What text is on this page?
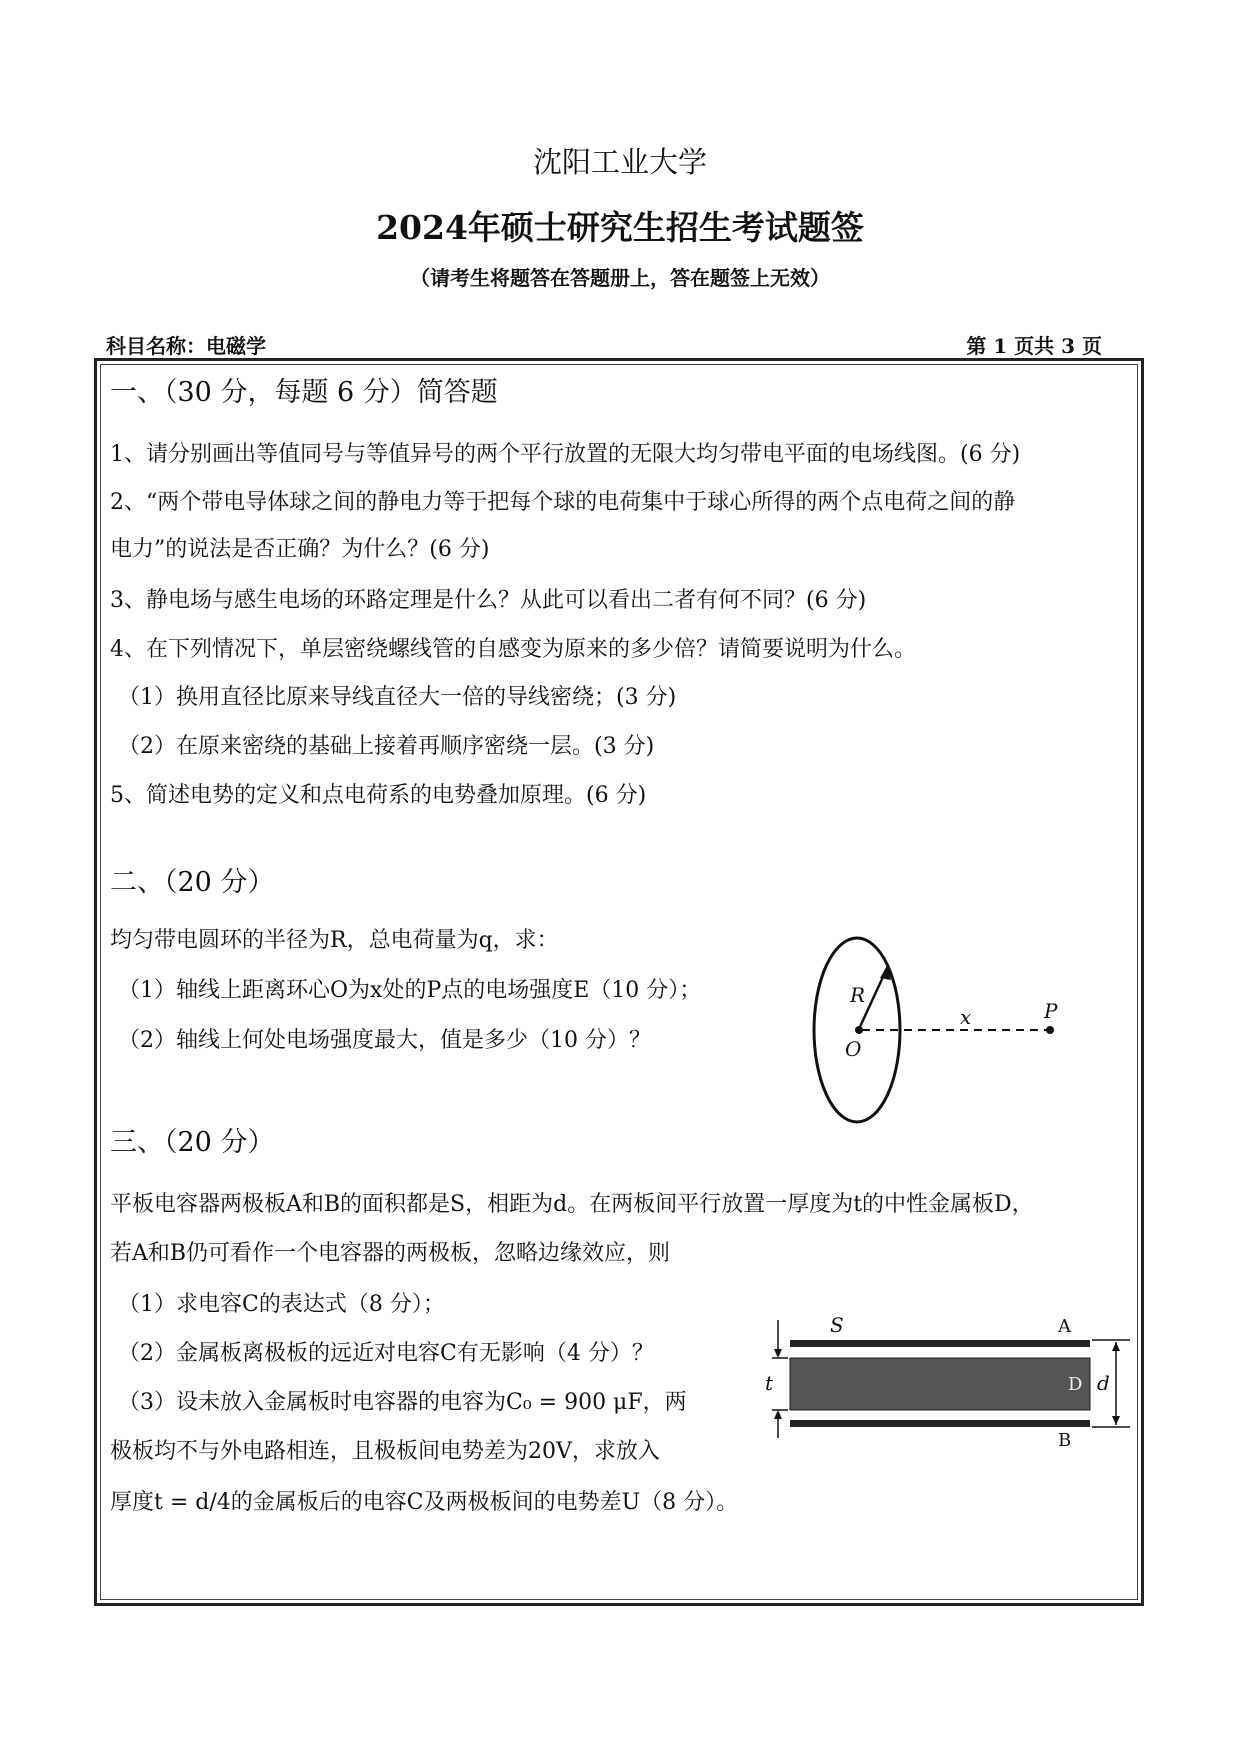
沈阳工业大学
2024年硕士研究生招生考试题签
（请考生将题答在答题册上，答在题签上无效）
科目名称：电磁学	第 1 页共 3 页
一、（30 分，每题 6 分）简答题
1、请分别画出等值同号与等值异号的两个平行放置的无限大均匀带电平面的电场线图。(6 分)
2、“两个带电导体球之间的静电力等于把每个球的电荷集中于球心所得的两个点电荷之间的静
电力”的说法是否正确？为什么？(6 分)
3、静电场与感生电场的环路定理是什么？从此可以看出二者有何不同？(6 分)
4、在下列情况下，单层密绕螺线管的自感变为原来的多少倍？请简要说明为什么。
（1）换用直径比原来导线直径大一倍的导线密绕；(3 分)
（2）在原来密绕的基础上接着再顺序密绕一层。(3 分)
5、简述电势的定义和点电荷系的电势叠加原理。(6 分)
二、（20 分）
均匀带电圆环的半径为R，总电荷量为q，求：
（1）轴线上距离环心O为x处的P点的电场强度E（10 分）；
（2）轴线上何处电场强度最大，值是多少（10 分）？
R
O
x	P
三、（20 分）
平板电容器两极板A和B的面积都是S，相距为d。在两板间平行放置一厚度为t的中性金属板D，
若A和B仍可看作一个电容器的两极板，忽略边缘效应，则
（1）求电容C的表达式（8 分）；
（2）金属板离极板的远近对电容C有无影响（4 分）？
（3）设未放入金属板时电容器的电容为C₀ = 900 μF，两
极板均不与外电路相连，且极板间电势差为20V，求放入
厚度t = d/4的金属板后的电容C及两极板间的电势差U（8 分）。
S	A
D
B
t	d
